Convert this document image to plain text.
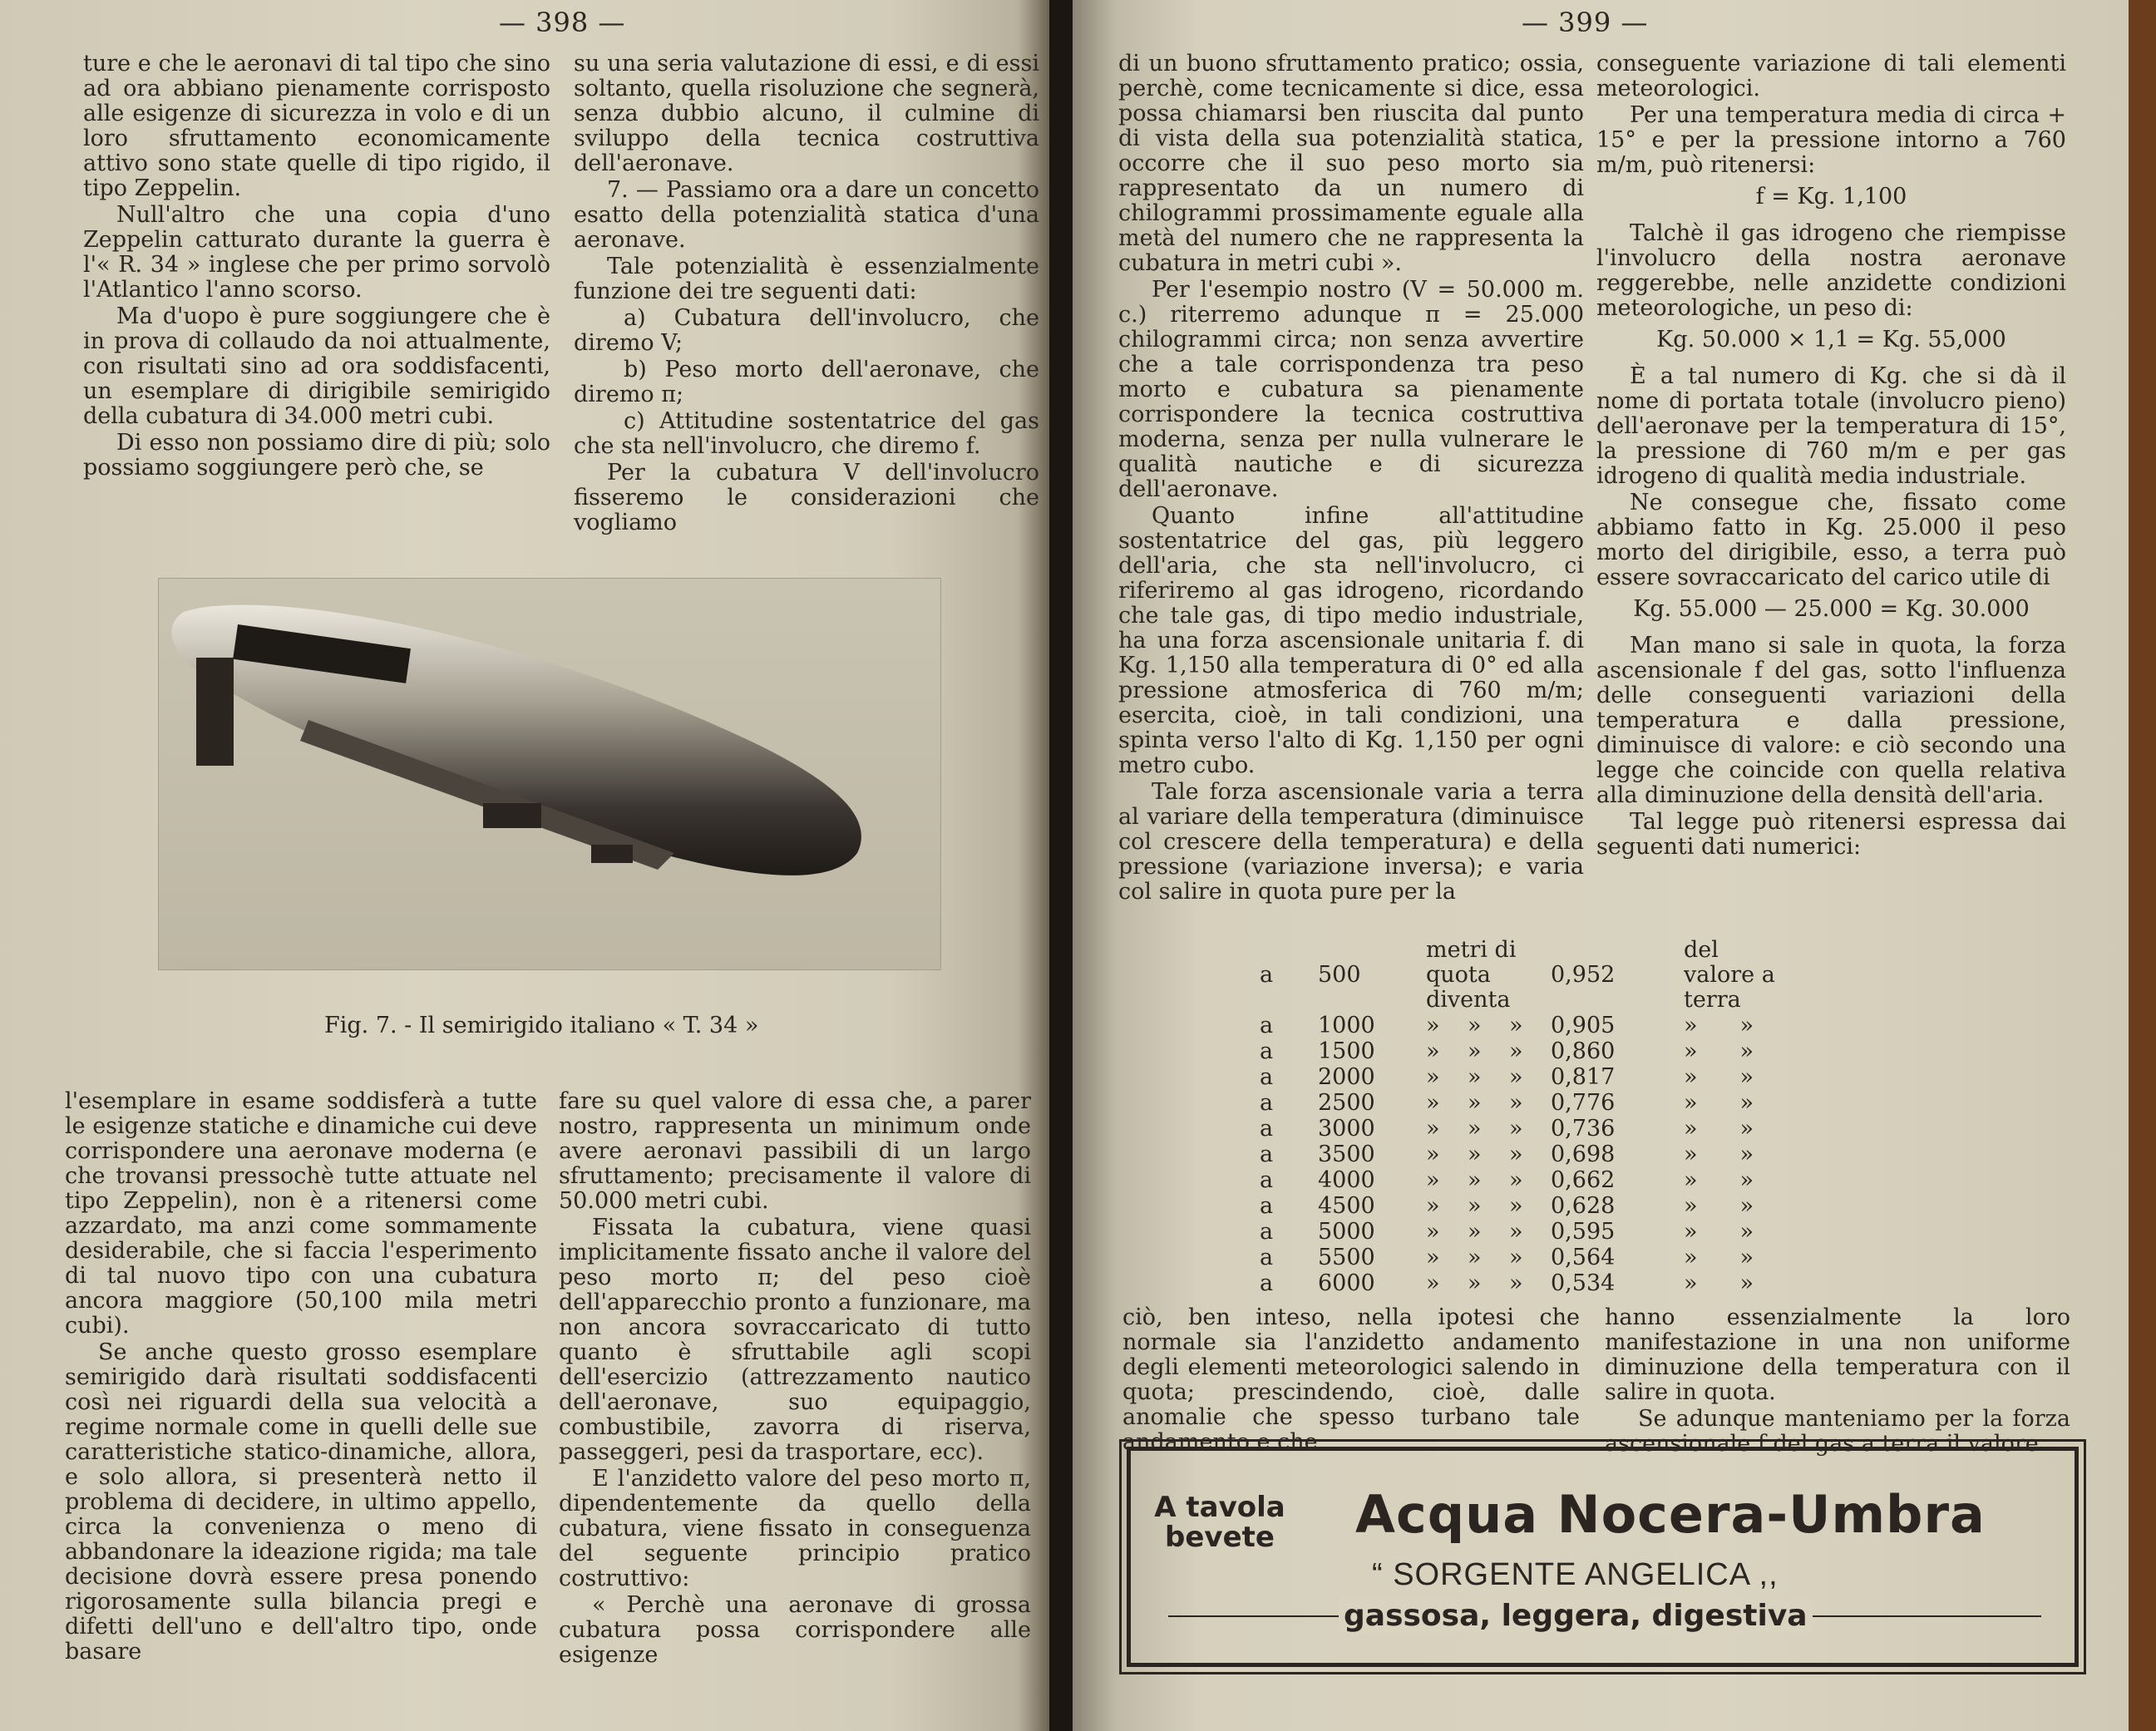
— 398 —

ture e che le aeronavi di tal tipo che sino ad ora abbiano pienamente corrisposto alle esigenze di sicurezza in volo e di un loro sfruttamento economicamente attivo sono state quelle di tipo rigido, il tipo Zeppelin.

Null'altro che una copia d'uno Zeppelin catturato durante la guerra è l'« R. 34 » inglese che per primo sorvolò l'Atlantico l'anno scorso.

Ma d'uopo è pure soggiungere che è in prova di collaudo da noi attualmente, con risultati sino ad ora soddisfacenti, un esemplare di dirigibile semirigido della cubatura di 34.000 metri cubi.

Di esso non possiamo dire di più; solo possiamo soggiungere però che, se

su una seria valutazione di essi, e di essi soltanto, quella risoluzione che segnerà, senza dubbio alcuno, il culmine di sviluppo della tecnica costruttiva dell'aeronave.

7. — Passiamo ora a dare un concetto esatto della potenzialità statica d'una aeronave.

Tale potenzialità è essenzialmente funzione dei tre seguenti dati:

a) Cubatura dell'involucro, che diremo V;

b) Peso morto dell'aeronave, che diremo π;

c) Attitudine sostentatrice del gas che sta nell'involucro, che diremo f.

Per la cubatura V dell'involucro fisseremo le considerazioni che vogliamo

Fig. 7. - Il semirigido italiano « T. 34 »

l'esemplare in esame soddisferà a tutte le esigenze statiche e dinamiche cui deve corrispondere una aeronave moderna (e che trovansi pressochè tutte attuate nel tipo Zeppelin), non è a ritenersi come azzardato, ma anzi come sommamente desiderabile, che si faccia l'esperimento di tal nuovo tipo con una cubatura ancora maggiore (50,100 mila metri cubi).

Se anche questo grosso esemplare semirigido darà risultati soddisfacenti così nei riguardi della sua velocità a regime normale come in quelli delle sue caratteristiche statico-dinamiche, allora, e solo allora, si presenterà netto il problema di decidere, in ultimo appello, circa la convenienza o meno di abbandonare la ideazione rigida; ma tale decisione dovrà essere presa ponendo rigorosamente sulla bilancia pregi e difetti dell'uno e dell'altro tipo, onde basare

fare su quel valore di essa che, a parer nostro, rappresenta un minimum onde avere aeronavi passibili di un largo sfruttamento; precisamente il valore di 50.000 metri cubi.

Fissata la cubatura, viene quasi implicitamente fissato anche il valore del peso morto π; del peso cioè dell'apparecchio pronto a funzionare, ma non ancora sovraccaricato di tutto quanto è sfruttabile agli scopi dell'esercizio (attrezzamento nautico dell'aeronave, suo equipaggio, combustibile, zavorra di riserva, passeggeri, pesi da trasportare, ecc).

E l'anzidetto valore del peso morto π, dipendentemente da quello della cubatura, viene fissato in conseguenza del seguente principio pratico costruttivo:

« Perchè una aeronave di grossa cubatura possa corrispondere alle esigenze

— 399 —

di un buono sfruttamento pratico; ossia, perchè, come tecnicamente si dice, essa possa chiamarsi ben riuscita dal punto di vista della sua potenzialità statica, occorre che il suo peso morto sia rappresentato da un numero di chilogrammi prossimamente eguale alla metà del numero che ne rappresenta la cubatura in metri cubi ».

Per l'esempio nostro (V = 50.000 m. c.) riterremo adunque π = 25.000 chilogrammi circa; non senza avvertire che a tale corrispondenza tra peso morto e cubatura sa pienamente corrispondere la tecnica costruttiva moderna, senza per nulla vulnerare le qualità nautiche e di sicurezza dell'aeronave.

Quanto infine all'attitudine sostentatrice del gas, più leggero dell'aria, che sta nell'involucro, ci riferiremo al gas idrogeno, ricordando che tale gas, di tipo medio industriale, ha una forza ascensionale unitaria f. di Kg. 1,150 alla temperatura di 0° ed alla pressione atmosferica di 760 m/m; esercita, cioè, in tali condizioni, una spinta verso l'alto di Kg. 1,150 per ogni metro cubo.

Tale forza ascensionale varia a terra al variare della temperatura (diminuisce col crescere della temperatura) e della pressione (variazione inversa); e varia col salire in quota pure per la

conseguente variazione di tali elementi meteorologici.

Per una temperatura media di circa + 15° e per la pressione intorno a 760 m/m, può ritenersi:

f = Kg. 1,100

Talchè il gas idrogeno che riempisse l'involucro della nostra aeronave reggerebbe, nelle anzidette condizioni meteorologiche, un peso di:

Kg. 50.000 × 1,1 = Kg. 55,000

È a tal numero di Kg. che si dà il nome di portata totale (involucro pieno) dell'aeronave per la temperatura di 15°, la pressione di 760 m/m e per gas idrogeno di qualità media industriale.

Ne consegue che, fissato come abbiamo fatto in Kg. 25.000 il peso morto del dirigibile, esso, a terra può essere sovraccaricato del carico utile di

Kg. 55.000 — 25.000 = Kg. 30.000

Man mano si sale in quota, la forza ascensionale f del gas, sotto l'influenza delle conseguenti variazioni della temperatura e dalla pressione, diminuisce di valore: e ciò secondo una legge che coincide con quella relativa alla diminuzione della densità dell'aria.

Tal legge può ritenersi espressa dai seguenti dati numerici:

ciò, ben inteso, nella ipotesi che normale sia l'anzidetto andamento degli elementi meteorologici salendo in quota; prescindendo, cioè, dalle anomalie che spesso turbano tale andamento e che

hanno essenzialmente la loro manifestazione in una non uniforme diminuzione della temperatura con il salire in quota.

Se adunque manteniamo per la forza ascensionale f del gas a terra il valore

a	500	metri di quota diventa			0,952	del valore a terra	
a	1000	»	»	»	0,905	»	»
a	1500	»	»	»	0,860	»	»
a	2000	»	»	»	0,817	»	»
a	2500	»	»	»	0,776	»	»
a	3000	»	»	»	0,736	»	»
a	3500	»	»	»	0,698	»	»
a	4000	»	»	»	0,662	»	»
a	4500	»	»	»	0,628	»	»
a	5000	»	»	»	0,595	»	»
a	5500	»	»	»	0,564	»	»
a	6000	»	»	»	0,534	»	»
A tavola
bevete	Acqua Nocera-Umbra
“ SORGENTE ANGELICA ,,
gassosa, leggera, digestiva
